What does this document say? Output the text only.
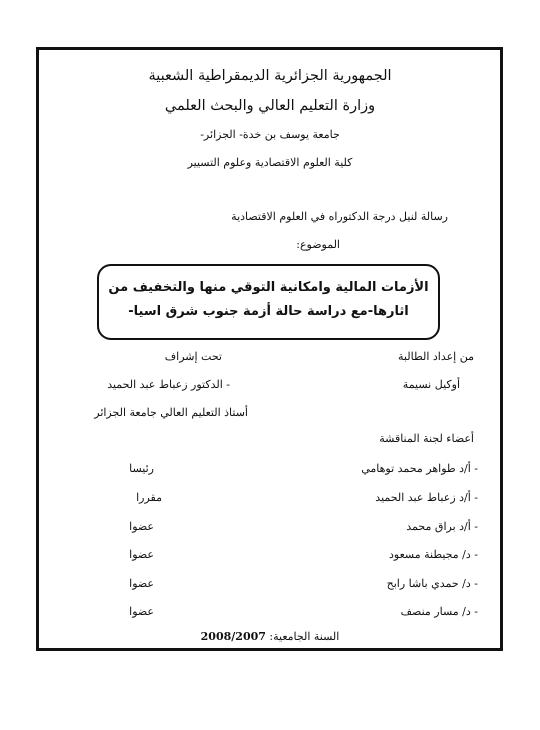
الجمهورية الجزائرية الديمقراطية الشعبية
وزارة التعليم العالي والبحث العلمي
جامعة يوسف بن خدة- الجزائر-
كلية العلوم الاقتصادية وعلوم التسيير
رسالة لنيل درجة الدكتوراه في العلوم الاقتصادية
الموضوع:
الأزمات المالية وامكانية التوقي منها والتخفيف من
اثارها-مع دراسة حالة أزمة جنوب شرق اسيا-
من إعداد الطالبة
تحت إشراف
أوكيل نسيمة
- الدكتور زعباط عبد الحميد
أستاذ التعليم العالي جامعة الجزائر
أعضاء لجنة المناقشة
- أ/د طواهر محمد توهامي
رئيسا
- أ/د زعباط عبد الحميد
مقررا
- أ/د براق محمد
عضوا
- د/ مجيطنة مسعود
عضوا
- د/ حمدي باشا رابح
عضوا
- د/ مسار منصف
عضوا
السنة الجامعية: 2008/2007
